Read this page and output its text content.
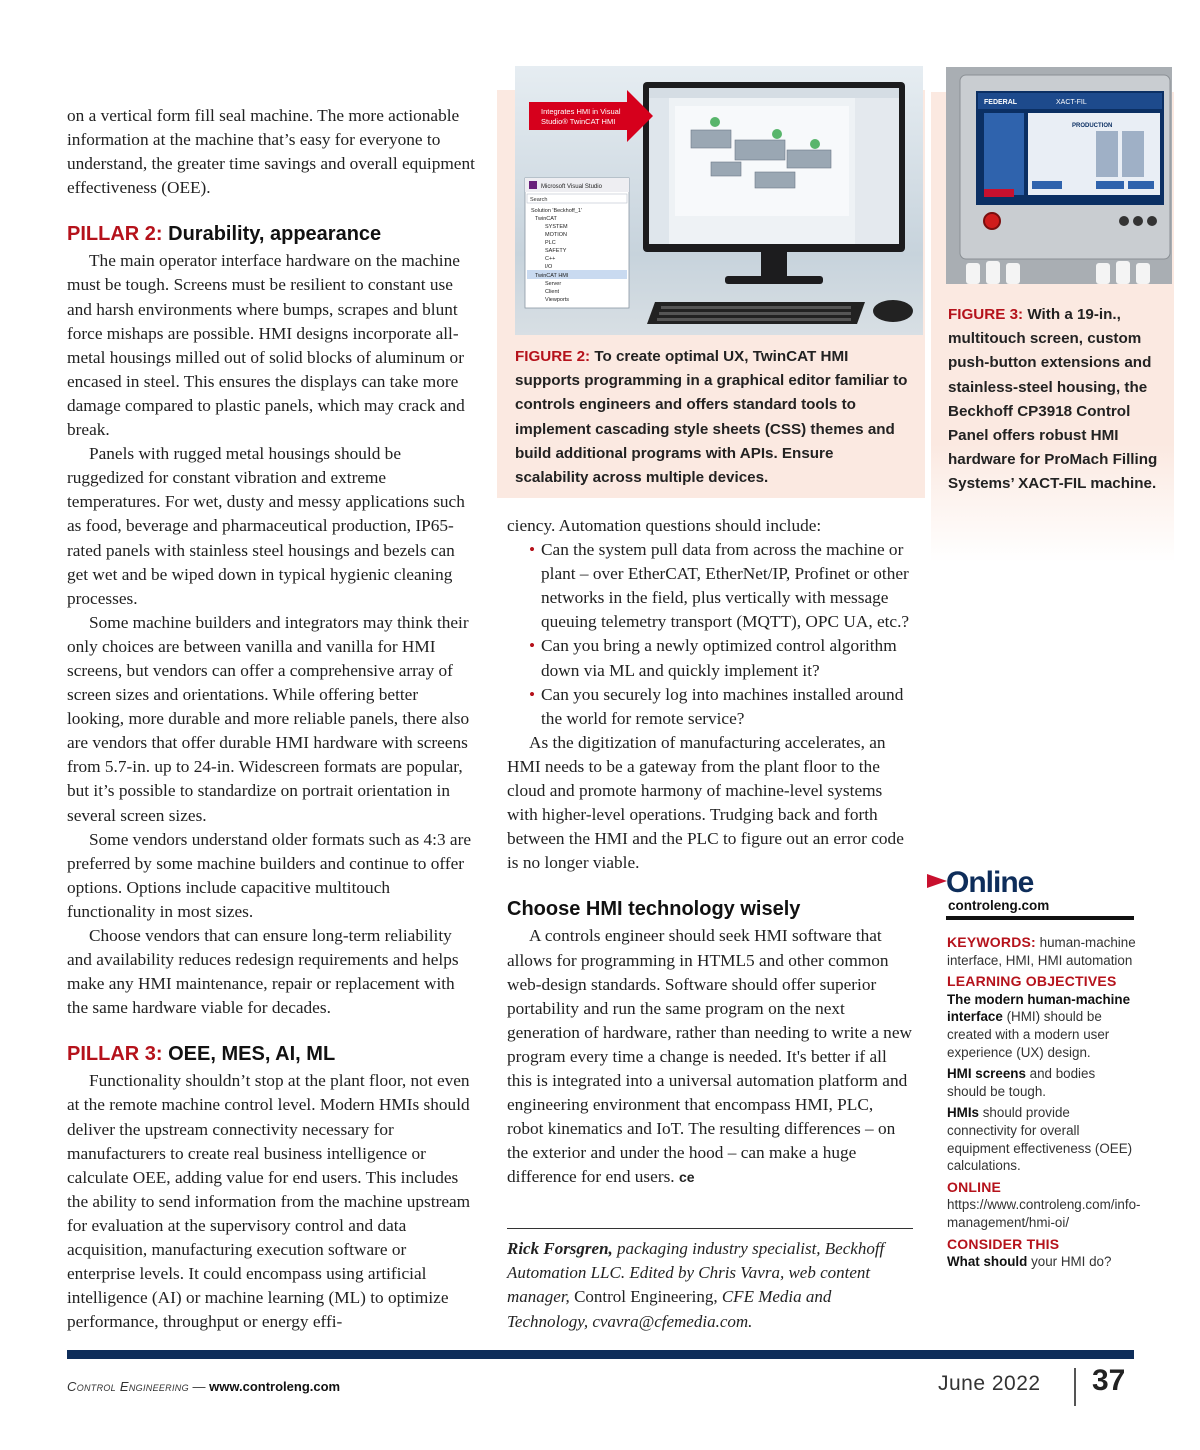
Integrates HMI in Visual
Studio® TwinCAT HMI
Microsoft Visual Studio
Search
Solution 'Beckhoff_1'
TwinCAT
SYSTEM
MOTION
PLC
SAFETY
C++
I/O
TwinCAT HMI
Server
Client
Viewports
FIGURE 2: To create optimal UX, TwinCAT HMI supports programming in a graphical editor familiar to controls engineers and offers standard tools to implement cascading style sheets (CSS) themes and build additional programs with APIs. Ensure scalability across multiple devices.
FEDERAL	XACT-FIL
PRODUCTION
FIGURE 3: With a 19-in., multitouch screen, custom push-button extensions and stainless-steel housing, the Beckhoff CP3918 Control Panel offers robust HMI hardware for ProMach Filling Systems’ XACT-FIL machine.

on a vertical form fill seal machine. The more actionable information at the machine that’s easy for everyone to understand, the greater time savings and overall equipment effectiveness (OEE).

PILLAR 2: Durability, appearance

The main operator interface hardware on the machine must be tough. Screens must be resilient to constant use and harsh environments where bumps, scrapes and blunt force mishaps are possible. HMI designs incorporate all-metal housings milled out of solid blocks of aluminum or encased in steel. This ensures the displays can take more damage compared to plastic panels, which may crack and break.

Panels with rugged metal housings should be ruggedized for constant vibration and extreme temperatures. For wet, dusty and messy applications such as food, beverage and pharmaceutical production, IP65-rated panels with stainless steel housings and bezels can get wet and be wiped down in typical hygienic cleaning processes.

Some machine builders and integrators may think their only choices are between vanilla and vanilla for HMI screens, but vendors can offer a comprehensive array of screen sizes and orientations. While offering better looking, more durable and more reliable panels, there also are vendors that offer durable HMI hardware with screens from 5.7-in. up to 24-in. Widescreen formats are popular, but it’s possible to standardize on portrait orientation in several screen sizes.

Some vendors understand older formats such as 4:3 are preferred by some machine builders and continue to offer options. Options include capacitive multitouch functionality in most sizes.

Choose vendors that can ensure long-term reliability and availability reduces redesign requirements and helps make any HMI maintenance, repair or replacement with the same hardware viable for decades.

PILLAR 3: OEE, MES, AI, ML

Functionality shouldn’t stop at the plant floor, not even at the remote machine control level. Modern HMIs should deliver the upstream connectivity necessary for manufacturers to create real business intelligence or calculate OEE, adding value for end users. This includes the ability to send information from the machine upstream for evaluation at the supervisory control and data acquisition, manufacturing execution software or enterprise levels. It could encompass using artificial intelligence (AI) or machine learning (ML) to optimize performance, throughput or energy effi-

ciency. Automation questions should include:

• Can the system pull data from across the machine or plant – over EtherCAT, EtherNet/IP, Profinet or other networks in the field, plus vertically with message queuing telemetry transport (MQTT), OPC UA, etc.?
• Can you bring a newly optimized control algorithm down via ML and quickly implement it?
• Can you securely log into machines installed around the world for remote service?

As the digitization of manufacturing accelerates, an HMI needs to be a gateway from the plant floor to the cloud and promote harmony of machine-level systems with higher-level operations. Trudging back and forth between the HMI and the PLC to figure out an error code is no longer viable.

Choose HMI technology wisely

A controls engineer should seek HMI software that allows for programming in HTML5 and other common web-design standards. Software should offer superior portability and run the same program on the next generation of hardware, rather than needing to write a new program every time a change is needed. It's better if all this is integrated into a universal automation platform and engineering environment that encompass HMI, PLC, robot kinematics and IoT. The resulting differences – on the exterior and under the hood – can make a huge difference for end users. ce

Rick Forsgren, packaging industry specialist, Beckhoff Automation LLC. Edited by Chris Vavra, web content manager, Control Engineering, CFE Media and Technology, cvavra@cfemedia.com.
Online
controleng.com
KEYWORDS: human-machine interface, HMI, HMI automation
LEARNING OBJECTIVES
The modern human-machine interface (HMI) should be created with a modern user experience (UX) design.
HMI screens and bodies should be tough.
HMIs should provide connectivity for overall equipment effectiveness (OEE) calculations.
ONLINE
https://www.controleng.com/info-management/hmi-oi/
CONSIDER THIS
What should your HMI do?
Control Engineering — www.controleng.com	June 2022 37
